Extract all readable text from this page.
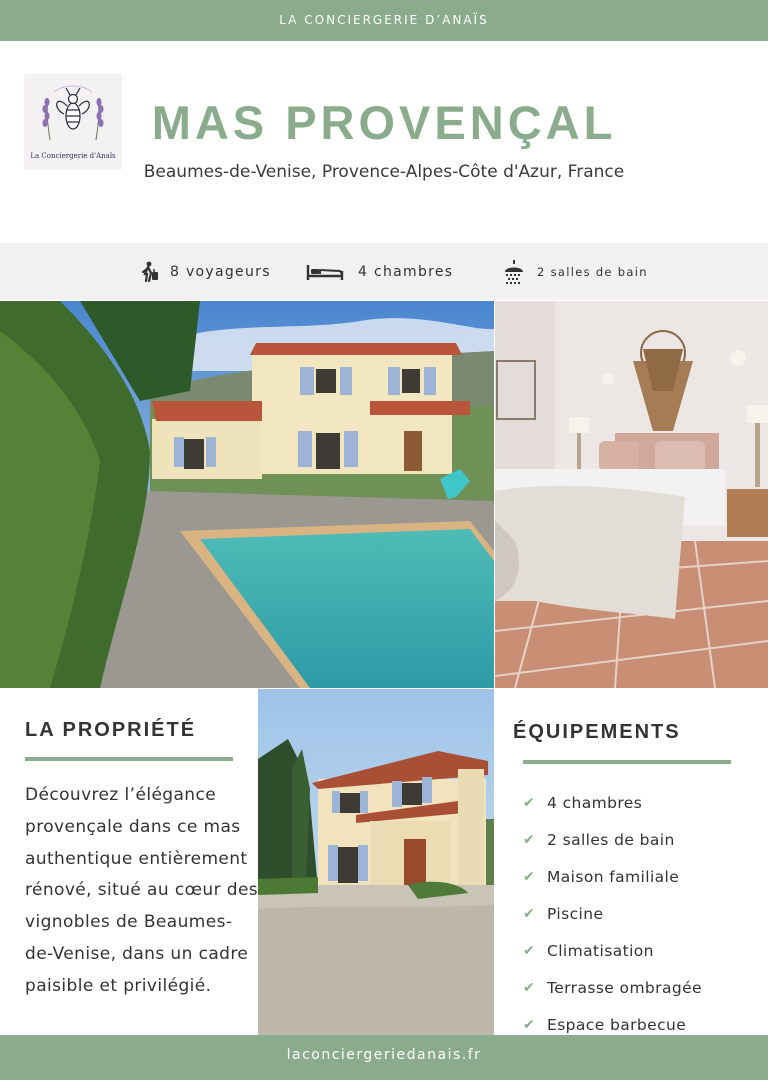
LA CONCIERGERIE D’ANAÏS
La Conciergerie d'Anaïs
MAS PROVENÇAL
Beaumes-de-Venise, Provence-Alpes-Côte d'Azur, France
8 voyageurs	4 chambres	2 salles de bain
LA PROPRIÉTÉ
Découvrez l’élégance provençale dans ce mas authentique entièrement rénové, situé au cœur des vignobles de Beaumes-de-Venise, dans un cadre paisible et privilégié.
ÉQUIPEMENTS
✔ 4 chambres
✔ 2 salles de bain
✔ Maison familiale
✔ Piscine
✔ Climatisation
✔ Terrasse ombragée
✔ Espace barbecue
laconciergeriedanais.fr
